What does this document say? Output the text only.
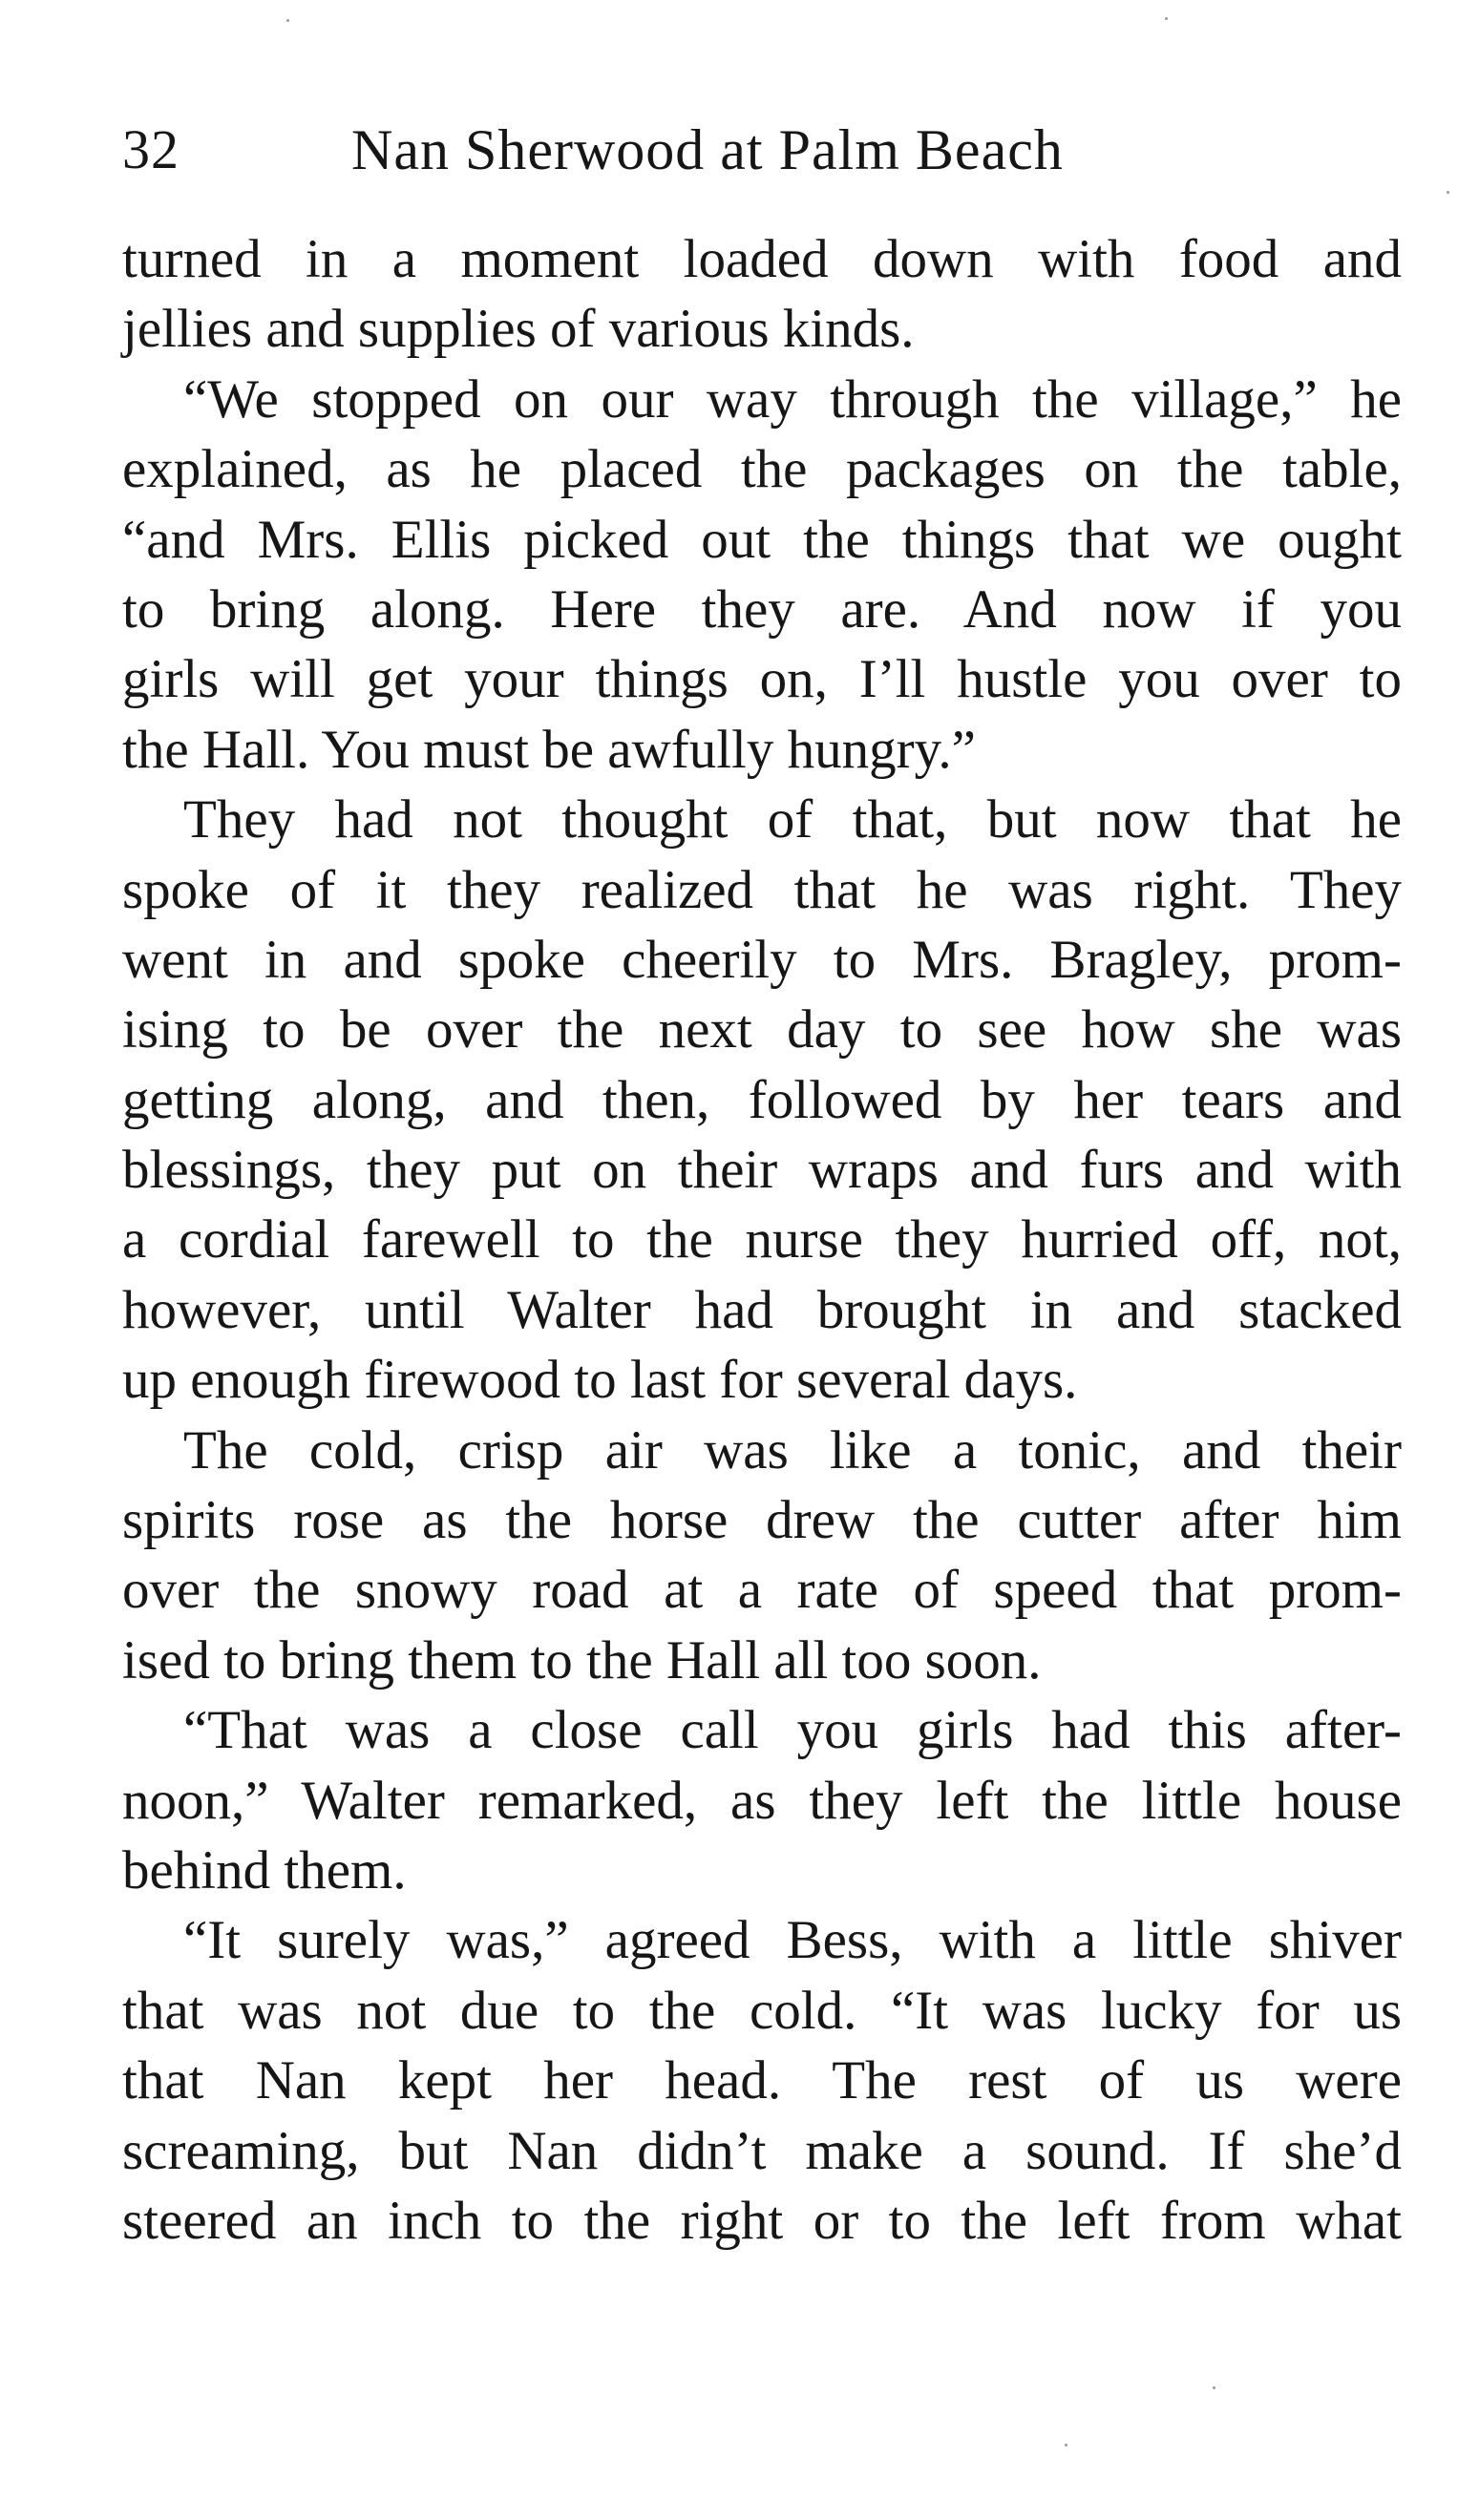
32	Nan Sherwood at Palm Beach
turned in a moment loaded down with food and
jellies and supplies of various kinds.
“We stopped on our way through the village,” he
explained, as he placed the packages on the table,
“and Mrs. Ellis picked out the things that we ought
to bring along. Here they are. And now if you
girls will get your things on, I’ll hustle you over to
the Hall. You must be awfully hungry.”
They had not thought of that, but now that he
spoke of it they realized that he was right. They
went in and spoke cheerily to Mrs. Bragley, prom-
ising to be over the next day to see how she was
getting along, and then, followed by her tears and
blessings, they put on their wraps and furs and with
a cordial farewell to the nurse they hurried off, not,
however, until Walter had brought in and stacked
up enough firewood to last for several days.
The cold, crisp air was like a tonic, and their
spirits rose as the horse drew the cutter after him
over the snowy road at a rate of speed that prom-
ised to bring them to the Hall all too soon.
“That was a close call you girls had this after-
noon,” Walter remarked, as they left the little house
behind them.
“It surely was,” agreed Bess, with a little shiver
that was not due to the cold. “It was lucky for us
that Nan kept her head. The rest of us were
screaming, but Nan didn’t make a sound. If she’d
steered an inch to the right or to the left from what
